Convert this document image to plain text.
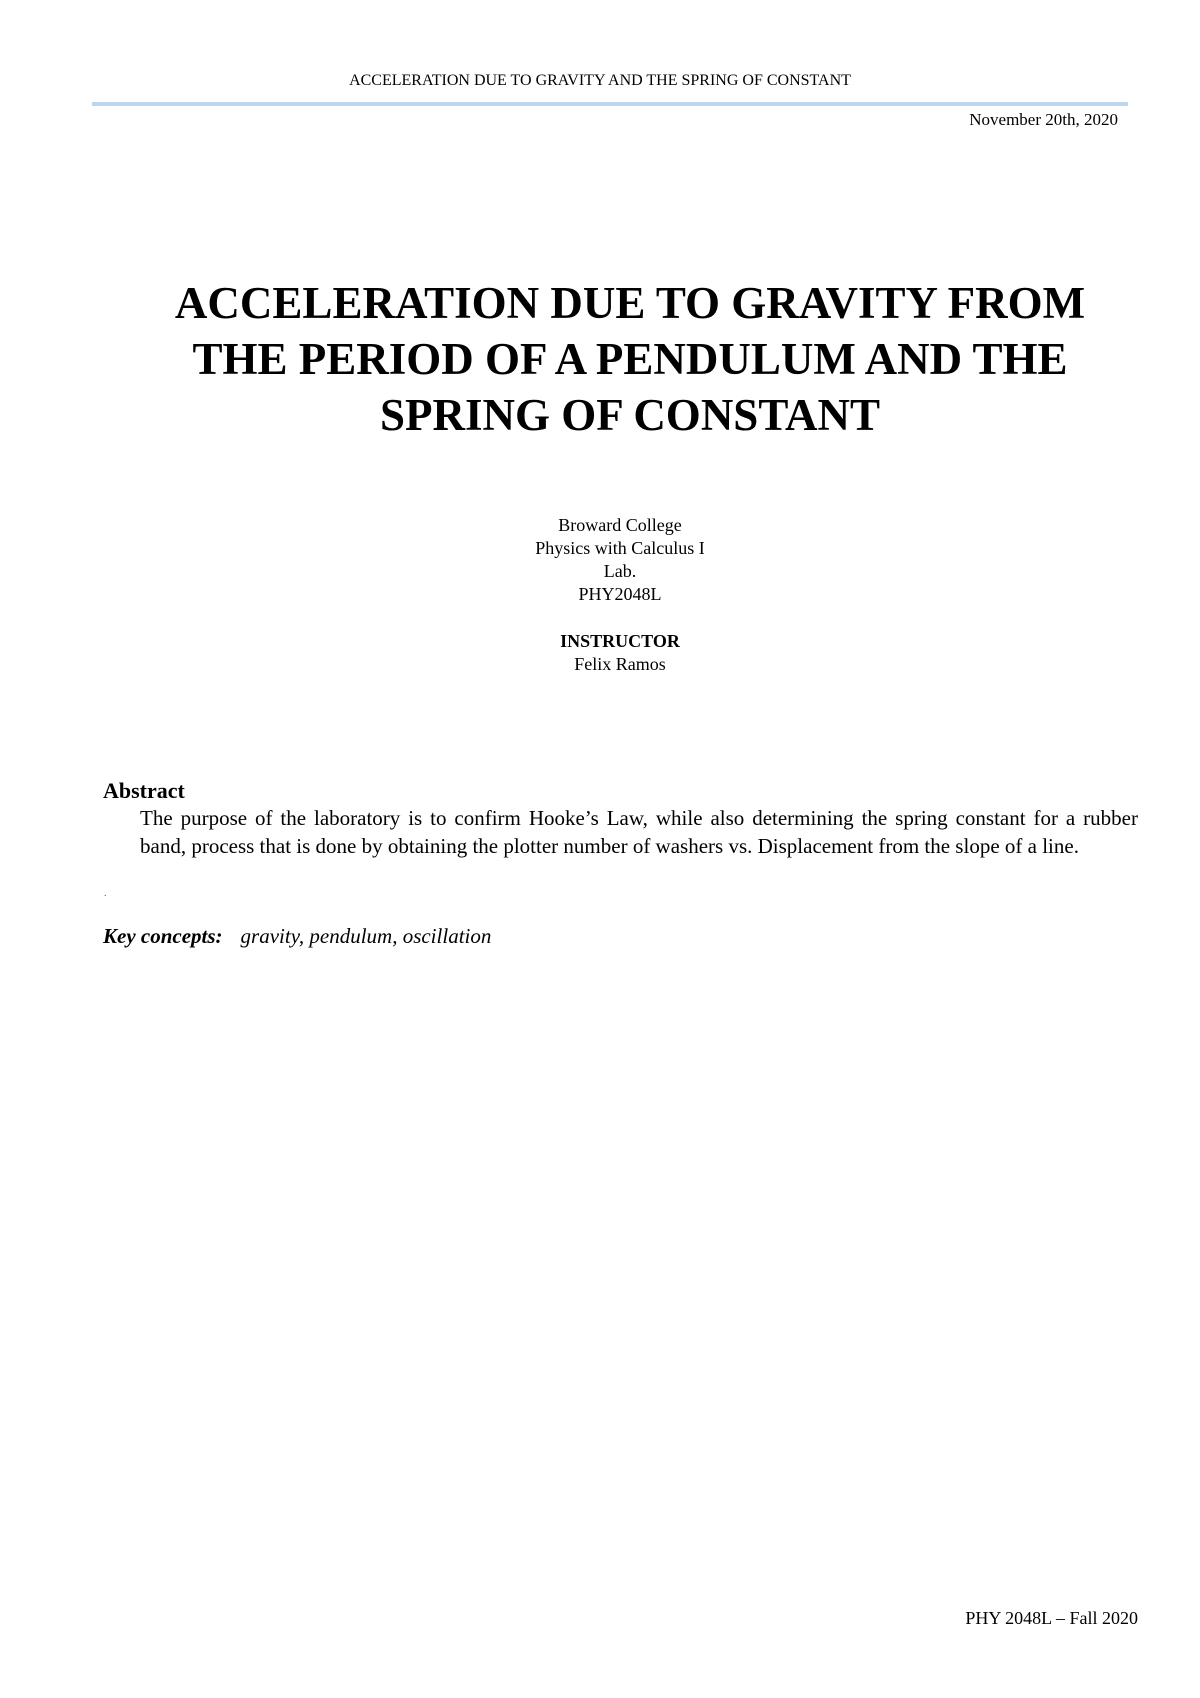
ACCELERATION DUE TO GRAVITY AND THE SPRING OF CONSTANT
November 20th, 2020
ACCELERATION DUE TO GRAVITY FROM
THE PERIOD OF A PENDULUM AND THE
SPRING OF CONSTANT
Broward College
Physics with Calculus I
Lab.
PHY2048L
INSTRUCTOR
Felix Ramos
Abstract
The purpose of the laboratory is to confirm Hooke’s Law, while also determining the spring constant for a rubber band, process that is done by obtaining the plotter number of washers vs. Displacement from the slope of a line.
.
Key concepts: gravity, pendulum, oscillation
PHY 2048L – Fall 2020
